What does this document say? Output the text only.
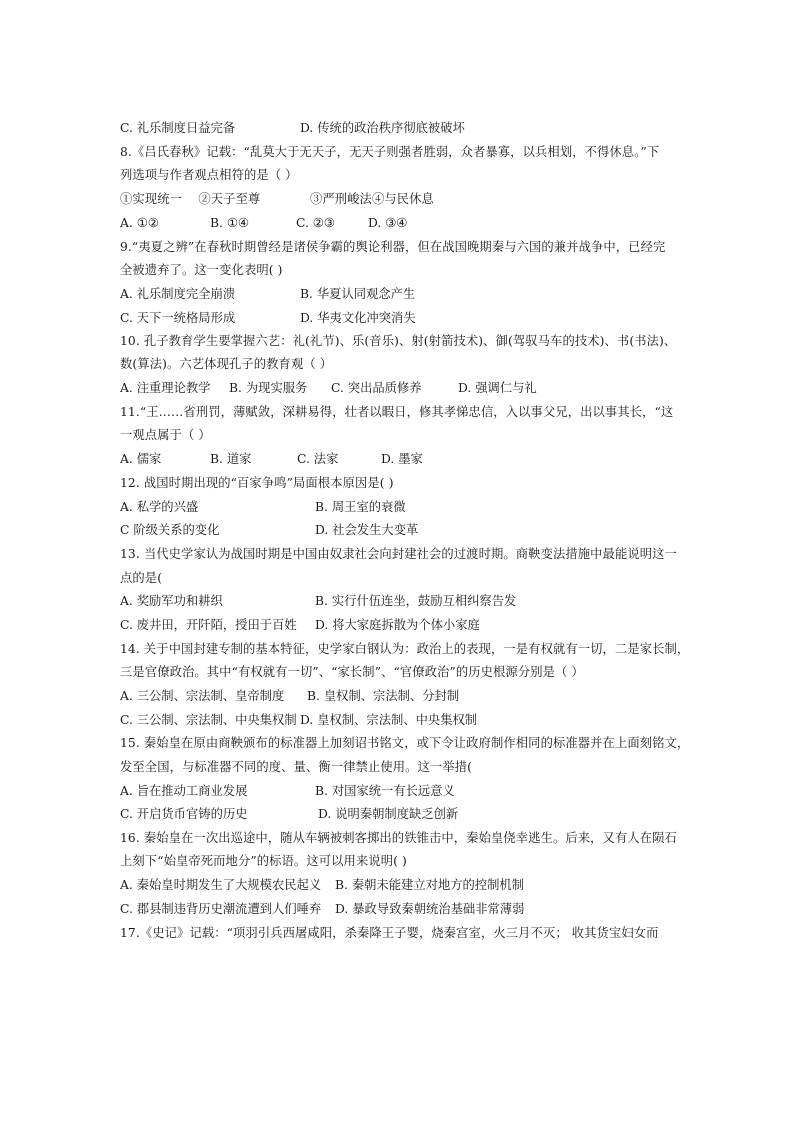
C. 礼乐制度日益完备	D. 传统的政治秩序彻底被破坏
8.《吕氏春秋》记载：“乱莫大于无天子，无天子则强者胜弱，众者暴寡，以兵相划，不得休息。”下
列选项与作者观点相符的是（ ）
①实现统一　 ②天子至尊　　　　③严刑峻法④与民休息
A. ①②	B. ①④	C. ②③	D. ③④
9.“夷夏之辨”在春秋时期曾经是诸侯争霸的舆论利器，但在战国晚期秦与六国的兼并战争中，已经完
全被遗弃了。这一变化表明( )
A. 礼乐制度完全崩溃	B. 华夏认同观念产生
C. 天下一统格局形成	D. 华夷文化冲突消失
10. 孔子教育学生要掌握六艺：礼(礼节)、乐(音乐)、射(射箭技术)、御(驾驭马车的技术)、书(书法)、
数(算法)。六艺体现孔子的教育观（ ）
A. 注重理论教学 B. 为现实服务 C. 突出品质修养	D. 强调仁与礼
11.“王……省刑罚，薄赋敛，深耕易得，壮者以暇日，修其孝悌忠信，入以事父兄，出以事其长，“这
一观点属于（ ）
A. 儒家	B. 道家	C. 法家	D. 墨家
12. 战国时期出现的“百家争鸣”局面根本原因是( )
A. 私学的兴盛	B. 周王室的衰微
C 阶级关系的变化	D. 社会发生大变革
13. 当代史学家认为战国时期是中国由奴隶社会向封建社会的过渡时期。商鞅变法措施中最能说明这一
点的是(
A. 奖励军功和耕织	B. 实行什伍连坐，鼓励互相纠察告发
C. 废井田，开阡陌，授田于百姓 D. 将大家庭拆散为个体小家庭
14. 关于中国封建专制的基本特征，史学家白钢认为：政治上的表现，一是有权就有一切，二是家长制，
三是官僚政治。其中“有权就有一切”、“家长制”、“官僚政治”的历史根源分别是（ ）
A. 三公制、宗法制、皇帝制度 B. 皇权制、宗法制、分封制
C. 三公制、宗法制、中央集权制 D. 皇权制、宗法制、中央集权制
15. 秦始皇在原由商鞅颁布的标准器上加刻诏书铭文，或下令让政府制作相同的标准器并在上面刻铭文，
发至全国，与标准器不同的度、量、衡一律禁止使用。这一举措(
A. 旨在推动工商业发展	B. 对国家统一有长远意义
C. 开启货币官铸的历史	D. 说明秦朝制度缺乏创新
16. 秦始皇在一次出巡途中，随从车辆被刺客掷出的铁锥击中，秦始皇侥幸逃生。后来，又有人在陨石
上刻下“始皇帝死而地分”的标语。这可以用来说明( )
A. 秦始皇时期发生了大规模农民起义 B. 秦朝未能建立对地方的控制机制
C. 郡县制违背历史潮流遭到人们唾弃 D. 暴政导致秦朝统治基础非常薄弱
17.《史记》记载：“项羽引兵西屠咸阳，杀秦降王子婴，烧秦宫室，火三月不灭； 收其货宝妇女而
